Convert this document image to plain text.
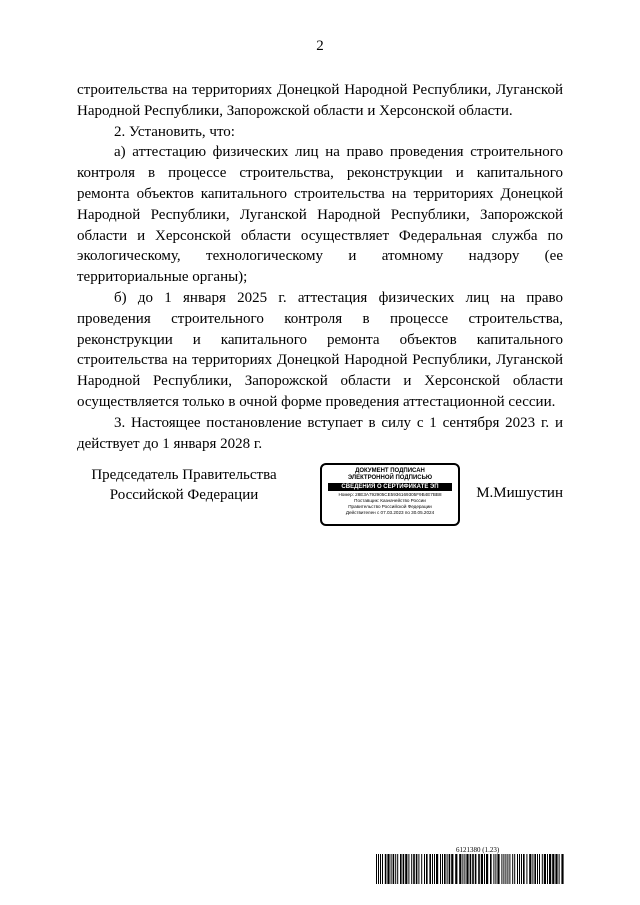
2

строительства на территориях Донецкой Народной Республики, Луганской Народной Республики, Запорожской области и Херсонской области.

2. Установить, что:

а) аттестацию физических лиц на право проведения строительного контроля в процессе строительства, реконструкции и капитального ремонта объектов капитального строительства на территориях Донецкой Народной Республики, Луганской Народной Республики, Запорожской области и Херсонской области осуществляет Федеральная служба по экологическому, технологическому и атомному надзору (ее территориальные органы);

б) до 1 января 2025 г. аттестация физических лиц на право проведения строительного контроля в процессе строительства, реконструкции и капитального ремонта объектов капитального строительства на территориях Донецкой Народной Республики, Луганской Народной Республики, Запорожской области и Херсонской области осуществляется только в очной форме проведения аттестационной сессии.

3. Настоящее постановление вступает в силу с 1 сентября 2023 г. и действует до 1 января 2028 г.

Председатель Правительства
Российской Федерации
ДОКУМЕНТ ПОДПИСАН
ЭЛЕКТРОННОЙ ПОДПИСЬЮ
СВЕДЕНИЯ О СЕРТИФИКАТЕ ЭП
Номер: 28E3A792905CE5936169305F9B4E7BB8
Поставщик: Казначейство России
Правительство Российской Федерации
Действителен с 07.03.2023 по 30.05.2024
М.Мишустин
6121380 (1.23)
